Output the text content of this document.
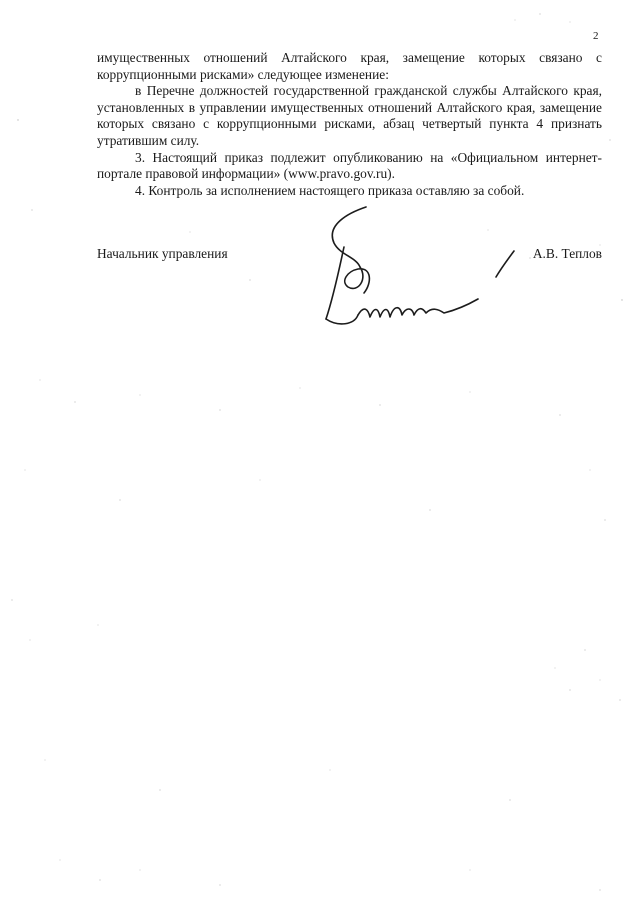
2

имущественных отношений Алтайского края, замещение которых связано с коррупционными рисками» следующее изменение:

в Перечне должностей государственной гражданской службы Алтайского края, установленных в управлении имущественных отношений Алтайского края, замещение которых связано с коррупционными рисками, абзац четвертый пункта 4 признать утратившим силу.

3. Настоящий приказ подлежит опубликованию на «Официальном интернет-портале правовой информации» (www.pravo.gov.ru).

4. Контроль за исполнением настоящего приказа оставляю за собой.

Начальник управления	А.В. Теплов
